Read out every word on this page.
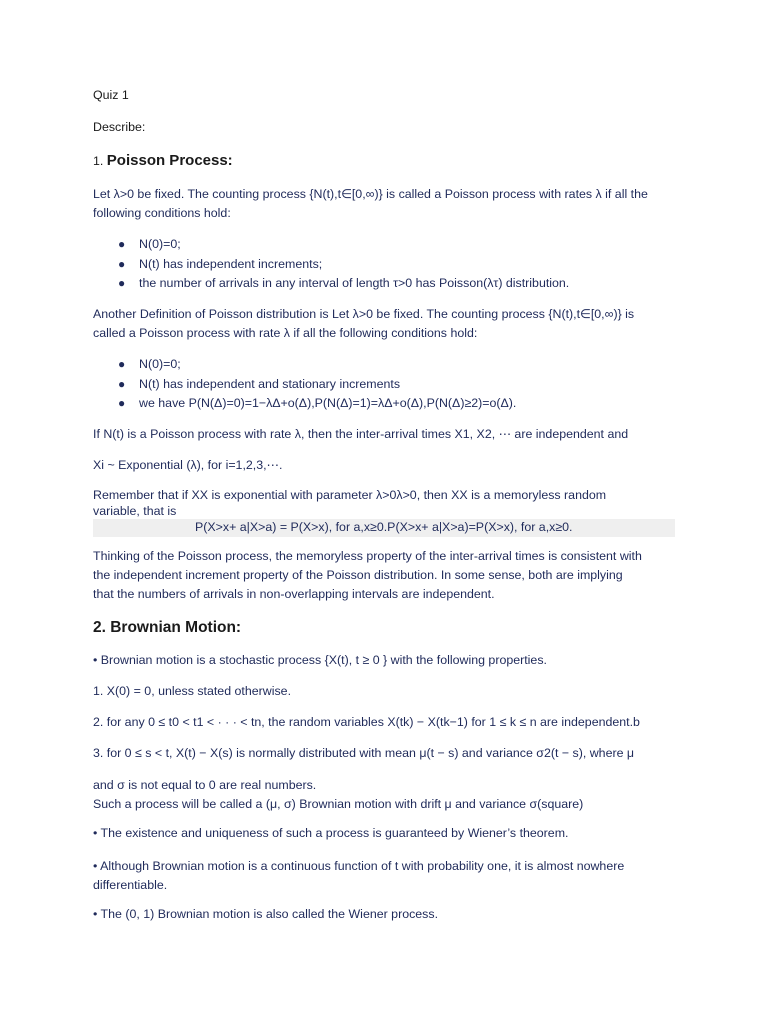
Quiz 1

Describe:

1. Poisson Process:

Let λ>0 be fixed. The counting process {N(t),t∈[0,∞)} is called a Poisson process with rates λ if all the
following conditions hold:

● N(0)=0;
● N(t) has independent increments;
● the number of arrivals in any interval of length τ>0 has Poisson(λτ) distribution.

Another Definition of Poisson distribution is Let λ>0 be fixed. The counting process {N(t),t∈[0,∞)} is
called a Poisson process with rate λ if all the following conditions hold:

● N(0)=0;
● N(t) has independent and stationary increments
● we have P(N(Δ)=0)=1−λΔ+o(Δ),P(N(Δ)=1)=λΔ+o(Δ),P(N(Δ)≥2)=o(Δ).

If N(t) is a Poisson process with rate λ, then the inter-arrival times X1, X2, ⋯ are independent and

Xi ~ Exponential (λ), for i=1,2,3,⋯.

Remember that if XX is exponential with parameter λ>0λ>0, then XX is a memoryless random
variable, that is

P(X>x+ a|X>a) = P(X>x), for a,x≥0.P(X>x+ a|X>a)=P(X>x), for a,x≥0.

Thinking of the Poisson process, the memoryless property of the inter-arrival times is consistent with
the independent increment property of the Poisson distribution. In some sense, both are implying
that the numbers of arrivals in non-overlapping intervals are independent.

2. Brownian Motion:

• Brownian motion is a stochastic process {X(t), t ≥ 0 } with the following properties.

1. X(0) = 0, unless stated otherwise.

2. for any 0 ≤ t0 < t1 < · · · < tn, the random variables X(tk) − X(tk−1) for 1 ≤ k ≤ n are independent.b

3. for 0 ≤ s < t, X(t) − X(s) is normally distributed with mean μ(t − s) and variance σ2(t − s), where μ

and σ is not equal to 0 are real numbers.
Such a process will be called a (μ, σ) Brownian motion with drift μ and variance σ(square)

• The existence and uniqueness of such a process is guaranteed by Wiener’s theorem.

• Although Brownian motion is a continuous function of t with probability one, it is almost nowhere
differentiable.

• The (0, 1) Brownian motion is also called the Wiener process.
